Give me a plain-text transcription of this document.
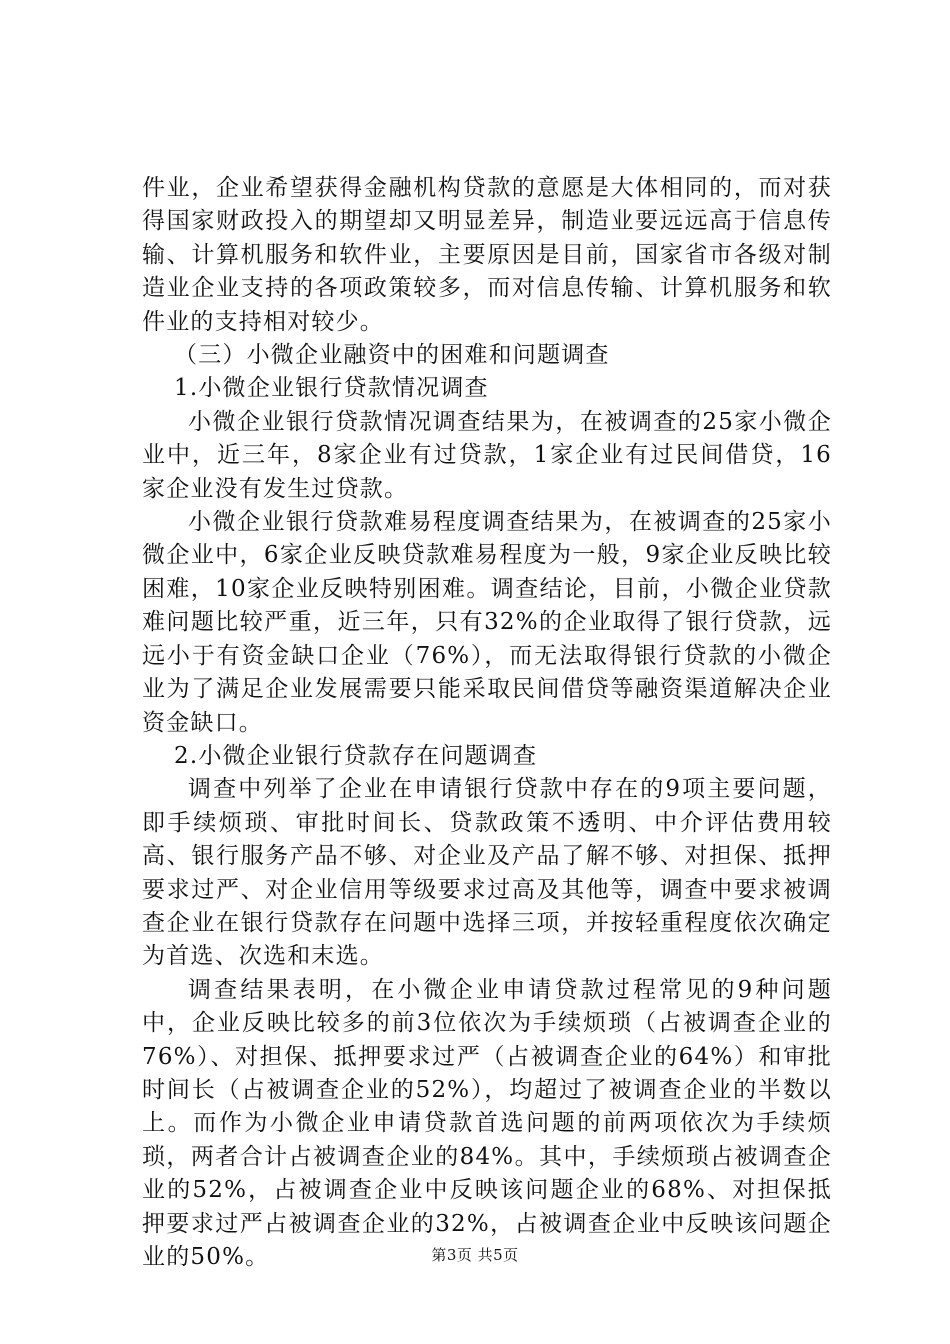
件业，企业希望获得金融机构贷款的意愿是大体相同的，而对获得国家财政投入的期望却又明显差异，制造业要远远高于信息传输、计算机服务和软件业，主要原因是目前，国家省市各级对制造业企业支持的各项政策较多，而对信息传输、计算机服务和软件业的支持相对较少。

（三）小微企业融资中的困难和问题调查

1.小微企业银行贷款情况调查

小微企业银行贷款情况调查结果为，在被调查的25家小微企业中，近三年，8家企业有过贷款，1家企业有过民间借贷，16家企业没有发生过贷款。

小微企业银行贷款难易程度调查结果为，在被调查的25家小微企业中，6家企业反映贷款难易程度为一般，9家企业反映比较困难，10家企业反映特别困难。调查结论，目前，小微企业贷款难问题比较严重，近三年，只有32%的企业取得了银行贷款，远远小于有资金缺口企业（76%），而无法取得银行贷款的小微企业为了满足企业发展需要只能采取民间借贷等融资渠道解决企业资金缺口。

2.小微企业银行贷款存在问题调查

调查中列举了企业在申请银行贷款中存在的9项主要问题，即手续烦琐、审批时间长、贷款政策不透明、中介评估费用较高、银行服务产品不够、对企业及产品了解不够、对担保、抵押要求过严、对企业信用等级要求过高及其他等，调查中要求被调查企业在银行贷款存在问题中选择三项，并按轻重程度依次确定为首选、次选和末选。

调查结果表明，在小微企业申请贷款过程常见的9种问题中，企业反映比较多的前3位依次为手续烦琐（占被调查企业的76%）、对担保、抵押要求过严（占被调查企业的64%）和审批时间长（占被调查企业的52%），均超过了被调查企业的半数以上。而作为小微企业申请贷款首选问题的前两项依次为手续烦琐，两者合计占被调查企业的84%。其中，手续烦琐占被调查企业的52%，占被调查企业中反映该问题企业的68%、对担保抵押要求过严占被调查企业的32%，占被调查企业中反映该问题企业的50%。	第3页 共5页
